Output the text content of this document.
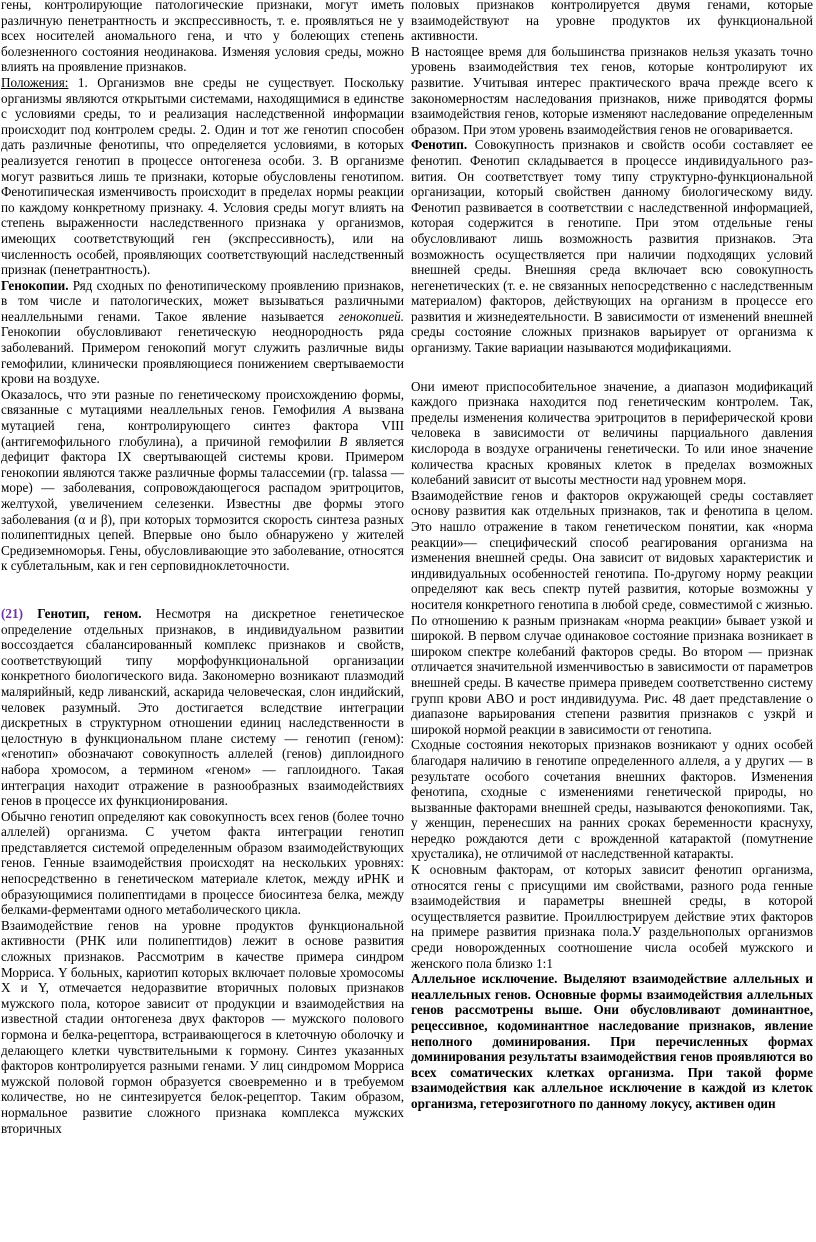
гены, контролирующие патологические признаки, могут иметь различную пенетрантность и экспрессивность, т. е. проявляться не у всех носителей аномального гена, и что у болеющих степень болезненного состояния неодинакова. Изменяя условия среды, можно влиять на проявление признаков.

Положения: 1. Организмов вне среды не существует. Поскольку организмы являются открытыми системами, находящимися в единстве с условиями среды, то и реализация наследственной информации происходит под контролем среды. 2. Один и тот же генотип способен дать различные фенотипы, что определяется условиями, в которых реализуется генотип в процессе онтогенеза особи. 3. В организме могут развиться лишь те признаки, которые обусловлены генотипом. Фенотипическая изменчивость происходит в пределах нормы реакции по каждому конкретному признаку. 4. Условия среды могут влиять на степень выраженности наследственного признака у организмов, имеющих соответствующий ген (экспрессивность), или на численность особей, проявляющих соответствующий наследственный признак (пенетрантность).

Генокопии. Ряд сходных по фенотипическому проявлению признаков, в том числе и патологических, может вызываться различными неаллельными генами. Такое явление называется генокопией. Генокопии обусловливают генетическую неоднородность ряда заболеваний. Примером генокопий могут служить различные виды гемофилии, клинически проявляющиеся понижением свертываемости крови на воздухе.

Оказалось, что эти разные по генетическому происхождению формы, связанные с мутациями неаллельных генов. Гемофилия А вызвана мутацией гена, контролирующего синтез фактора VIII (антигемофильного глобулина), а причиной гемофилии В является дефицит фактора IX свертывающей системы крови. Примером генокопии являются также различные формы талассемии (гр. talassa — море) — заболевания, сопровождающегося распадом эритроцитов, желтухой, увеличением селезенки. Известны две формы этого заболевания (α и β), при которых тормозится скорость синтеза разных полипептидных цепей. Впервые оно было обнаружено у жителей Средиземноморья. Гены, обусловливающие это заболевание, относятся к сублетальным, как и ген серповидноклеточности.

(21) Генотип, геном. Несмотря на дискретное генетическое определение отдельных признаков, в индивидуальном развитии воссоздается сбалансированный комплекс признаков и свойств, соответствующий типу морфофункциональной организации конкретного биологического вида. Закономерно возникают плазмодий малярийный, кедр ливанский, аскарида человеческая, слон индийский, человек разумный. Это достигается вследствие интеграции дискретных в структурном отношении единиц наследственности в целостную в функциональном плане систему — генотип (геном): «генотип» обозначают совокупность аллелей (генов) диплоидного набора хромосом, а термином «геном» — гаплоидного. Такая интеграция находит отражение в разнообразных взаимодействиях генов в процессе их функционирования.

Обычно генотип определяют как совокупность всех генов (более точно аллелей) организма. С учетом факта интеграции генотип представляется системой определенным образом взаимодействующих генов. Генные взаимодействия происходят на нескольких уровнях: непосредственно в генетическом материале клеток, между иРНК и образующимися полипептидами в процессе биосинтеза белка, между белками-ферментами одного метаболического цикла.

Взаимодействие генов на уровне продуктов функциональной активности (РНК или полипептидов) лежит в основе развития сложных признаков. Рассмотрим в качестве примера синдром Морриса. Y больных, кариотип которых включает половые хромосомы X и Y, отмечается недоразвитие вторичных половых признаков мужского пола, которое зависит от продукции и взаимодействия на известной стадии онтогенеза двух факторов — мужского полового гормона и белка-рецептора, встраивающегося в клеточную оболочку и делающего клетки чувствительными к гормону. Синтез указанных факторов контролируется разными генами. У лиц синдромом Морриса мужской половой гормон образуется своевременно и в требуемом количестве, но не синтезируется белок-рецептор. Таким образом, нормальное развитие сложного признака комплекса мужских вторичных

половых признаков контролируется двумя генами, которые взаимодействуют на уровне продуктов их функциональной активности.

В настоящее время для большинства признаков нельзя указать точно уровень взаимодействия тех генов, которые контролируют их развитие. Учитывая интерес практического врача прежде всего к закономерностям наследования признаков, ниже приводятся формы взаимодействия генов, которые изменяют наследование определенным образом. При этом уровень взаимодействия генов не оговаривается.

Фенотип. Совокупность признаков и свойств особи составляет ее фенотип. Фенотип складывается в процессе индивидуального развития. Он соответствует тому типу структурно-функциональной организации, который свойствен данному биологическому виду. Фенотип развивается в соответствии с наследственной информацией, которая содержится в генотипе. При этом отдельные гены обусловливают лишь возможность развития признаков. Эта возможность осуществляется при наличии подходящих условий внешней среды. Внешняя среда включает всю совокупность негенетических (т. е. не связанных непосредственно с наследственным материалом) факторов, действующих на организм в процессе его развития и жизнедеятельности. В зависимости от изменений внешней среды состояние сложных признаков варьирует от организма к организму. Такие вариации называются модификациями.

Они имеют приспособительное значение, а диапазон модификаций каждого признака находится под генетическим контролем. Так, пределы изменения количества эритроцитов в периферической крови человека в зависимости от величины парциального давления кислорода в воздухе ограничены генетически. То или иное значение количества красных кровяных клеток в пределах возможных колебаний зависит от высоты местности над уровнем моря.

Взаимодействие генов и факторов окружающей среды составляет основу развития как отдельных признаков, так и фенотипа в целом. Это нашло отражение в таком генетическом понятии, как «норма реакции»— специфический способ реагирования организма на изменения внешней среды. Она зависит от видовых характеристик и индивидуальных особенностей генотипа. По-другому норму реакции определяют как весь спектр путей развития, которые возможны у носителя конкретного генотипа в любой среде, совместимой с жизнью. По отношению к разным признакам «норма реакции» бывает узкой и широкой. В первом случае одинаковое состояние признака возникает в широком спектре колебаний факторов среды. Во втором — признак отличается значительной изменчивостью в зависимости от параметров внешней среды. В качестве примера приведем соответственно систему групп крови АВО и рост индивидуума. Рис. 48 дает представление о диапазоне варьирования степени развития признаков с узкрй и широкой нормой реакции в зависимости от генотипа.

Сходные состояния некоторых признаков возникают у одних особей благодаря наличию в генотипе определенного аллеля, а у других — в результате особого сочетания внешних факторов. Изменения фенотипа, сходные с изменениями генетической природы, но вызванные факторами внешней среды, называются фенокопиями. Так, у женщин, перенесших на ранних сроках беременности краснуху, нередко рождаются дети с врожденной катарактой (помутнение хрусталика), не отличимой от наследственной катаракты.

К основным факторам, от которых зависит фенотип организма, относятся гены с присущими им свойствами, разного рода генные взаимодействия и параметры внешней среды, в которой осуществляется развитие. Проиллюстрируем действие этих факторов на примере развития признака пола.У раздельнополых организмов среди новорожденных соотношение числа особей мужского и женского пола близко 1:1

Аллельное исключение. Выделяют взаимодействие аллельных и неаллельных генов. Основные формы взаимодействия аллельных генов рассмотрены выше. Они обусловливают доминантное, рецессивное, кодоминантное наследование признаков, явление неполного доминирования. При перечисленных формах доминирования результаты взаимодействия генов проявляются во всех соматических клетках организма. При такой форме взаимодействия как аллельное исключение в каждой из клеток организма, гетерозиготного по данному локусу, активен один
